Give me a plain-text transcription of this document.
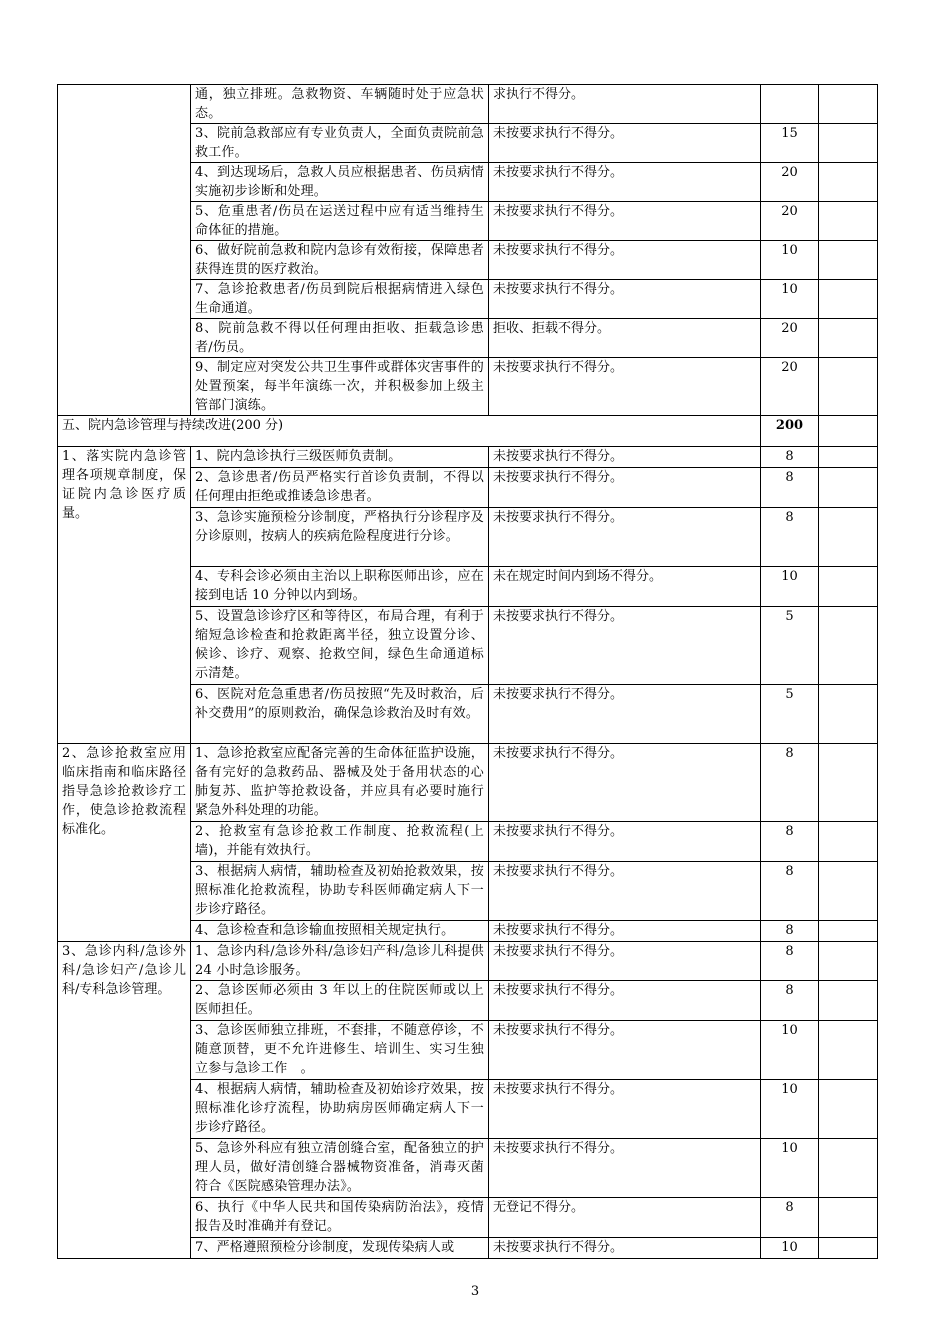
	通，独立排班。急救物资、车辆随时处于应急状态。	求执行不得分。		
	3、院前急救部应有专业负责人，全面负责院前急救工作。	未按要求执行不得分。	15	
	4、到达现场后，急救人员应根据患者、伤员病情实施初步诊断和处理。	未按要求执行不得分。	20	
	5、危重患者/伤员在运送过程中应有适当维持生命体征的措施。	未按要求执行不得分。	20	
	6、做好院前急救和院内急诊有效衔接，保障患者获得连贯的医疗救治。	未按要求执行不得分。	10	
	7、急诊抢救患者/伤员到院后根据病情进入绿色生命通道。	未按要求执行不得分。	10	
	8、院前急救不得以任何理由拒收、拒载急诊患者/伤员。	拒收、拒载不得分。	20	
	9、制定应对突发公共卫生事件或群体灾害事件的处置预案，每半年演练一次，并积极参加上级主管部门演练。	未按要求执行不得分。	20	
五、院内急诊管理与持续改进(200 分)			200	
1、落实院内急诊管理各项规章制度，保证院内急诊医疗质量。	1、院内急诊执行三级医师负责制。	未按要求执行不得分。	8	
	2、急诊患者/伤员严格实行首诊负责制，不得以任何理由拒绝或推诿急诊患者。	未按要求执行不得分。	8	
	3、急诊实施预检分诊制度，严格执行分诊程序及分诊原则，按病人的疾病危险程度进行分诊。	未按要求执行不得分。	8	
	4、专科会诊必须由主治以上职称医师出诊，应在接到电话 10 分钟以内到场。	未在规定时间内到场不得分。	10	
	5、设置急诊诊疗区和等待区，布局合理，有利于缩短急诊检查和抢救距离半径，独立设置分诊、候诊、诊疗、观察、抢救空间，绿色生命通道标示清楚。	未按要求执行不得分。	5	
	6、医院对危急重患者/伤员按照“先及时救治，后补交费用”的原则救治，确保急诊救治及时有效。	未按要求执行不得分。	5	
2、急诊抢救室应用临床指南和临床路径指导急诊抢救诊疗工作，使急诊抢救流程标准化。	1、急诊抢救室应配备完善的生命体征监护设施，备有完好的急救药品、器械及处于备用状态的心肺复苏、监护等抢救设备，并应具有必要时施行紧急外科处理的功能。	未按要求执行不得分。	8	
	2、抢救室有急诊抢救工作制度、抢救流程(上墙)，并能有效执行。	未按要求执行不得分。	8	
	3、根据病人病情，辅助检查及初始抢救效果，按照标准化抢救流程，协助专科医师确定病人下一步诊疗路径。	未按要求执行不得分。	8	
	4、急诊检查和急诊输血按照相关规定执行。	未按要求执行不得分。	8	
3、急诊内科/急诊外科/急诊妇产/急诊儿科/专科急诊管理。	1、急诊内科/急诊外科/急诊妇产科/急诊儿科提供 24 小时急诊服务。	未按要求执行不得分。	8	
	2、急诊医师必须由 3 年以上的住院医师或以上医师担任。	未按要求执行不得分。	8	
	3、急诊医师独立排班，不套排，不随意停诊，不随意顶替，更不允许进修生、培训生、实习生独立参与急诊工作　。	未按要求执行不得分。	10	
	4、根据病人病情，辅助检查及初始诊疗效果，按照标准化诊疗流程，协助病房医师确定病人下一步诊疗路径。	未按要求执行不得分。	10	
	5、急诊外科应有独立清创缝合室，配备独立的护理人员，做好清创缝合器械物资准备，消毒灭菌符合《医院感染管理办法》。	未按要求执行不得分。	10	
	6、执行《中华人民共和国传染病防治法》，疫情报告及时准确并有登记。	无登记不得分。	8	
	7、严格遵照预检分诊制度，发现传染病人或	未按要求执行不得分。	10	
3
